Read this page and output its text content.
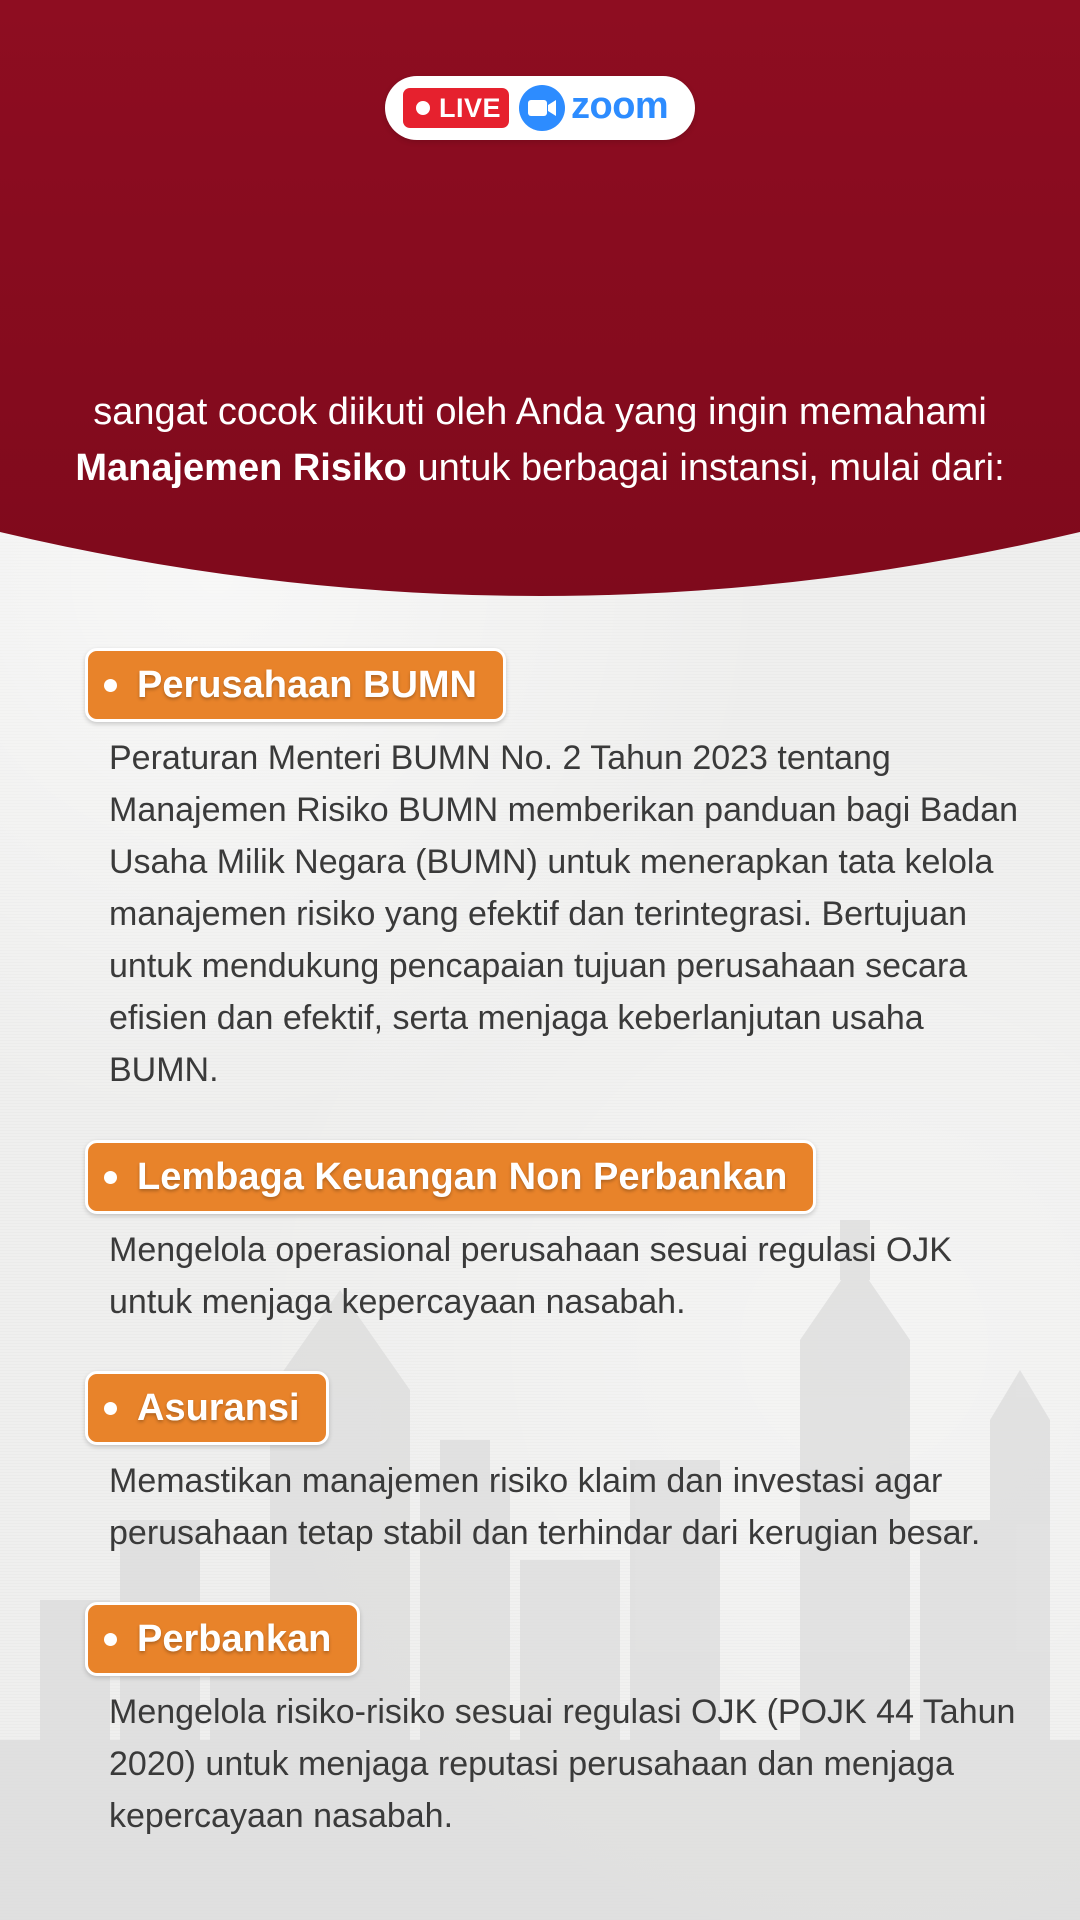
LIVE zoom
sangat cocok diikuti oleh Anda yang ingin memahami
Manajemen Risiko untuk berbagai instansi, mulai dari:
Perusahaan BUMN
Peraturan Menteri BUMN No. 2 Tahun 2023 tentang Manajemen Risiko BUMN memberikan panduan bagi Badan Usaha Milik Negara (BUMN) untuk menerapkan tata kelola manajemen risiko yang efektif dan terintegrasi. Bertujuan untuk mendukung pencapaian tujuan perusahaan secara efisien dan efektif, serta menjaga keberlanjutan usaha BUMN.
Lembaga Keuangan Non Perbankan
Mengelola operasional perusahaan sesuai regulasi OJK untuk menjaga kepercayaan nasabah.
Asuransi
Memastikan manajemen risiko klaim dan investasi agar perusahaan tetap stabil dan terhindar dari kerugian besar.
Perbankan
Mengelola risiko-risiko sesuai regulasi OJK (POJK 44 Tahun 2020) untuk menjaga reputasi perusahaan dan menjaga kepercayaan nasabah.
